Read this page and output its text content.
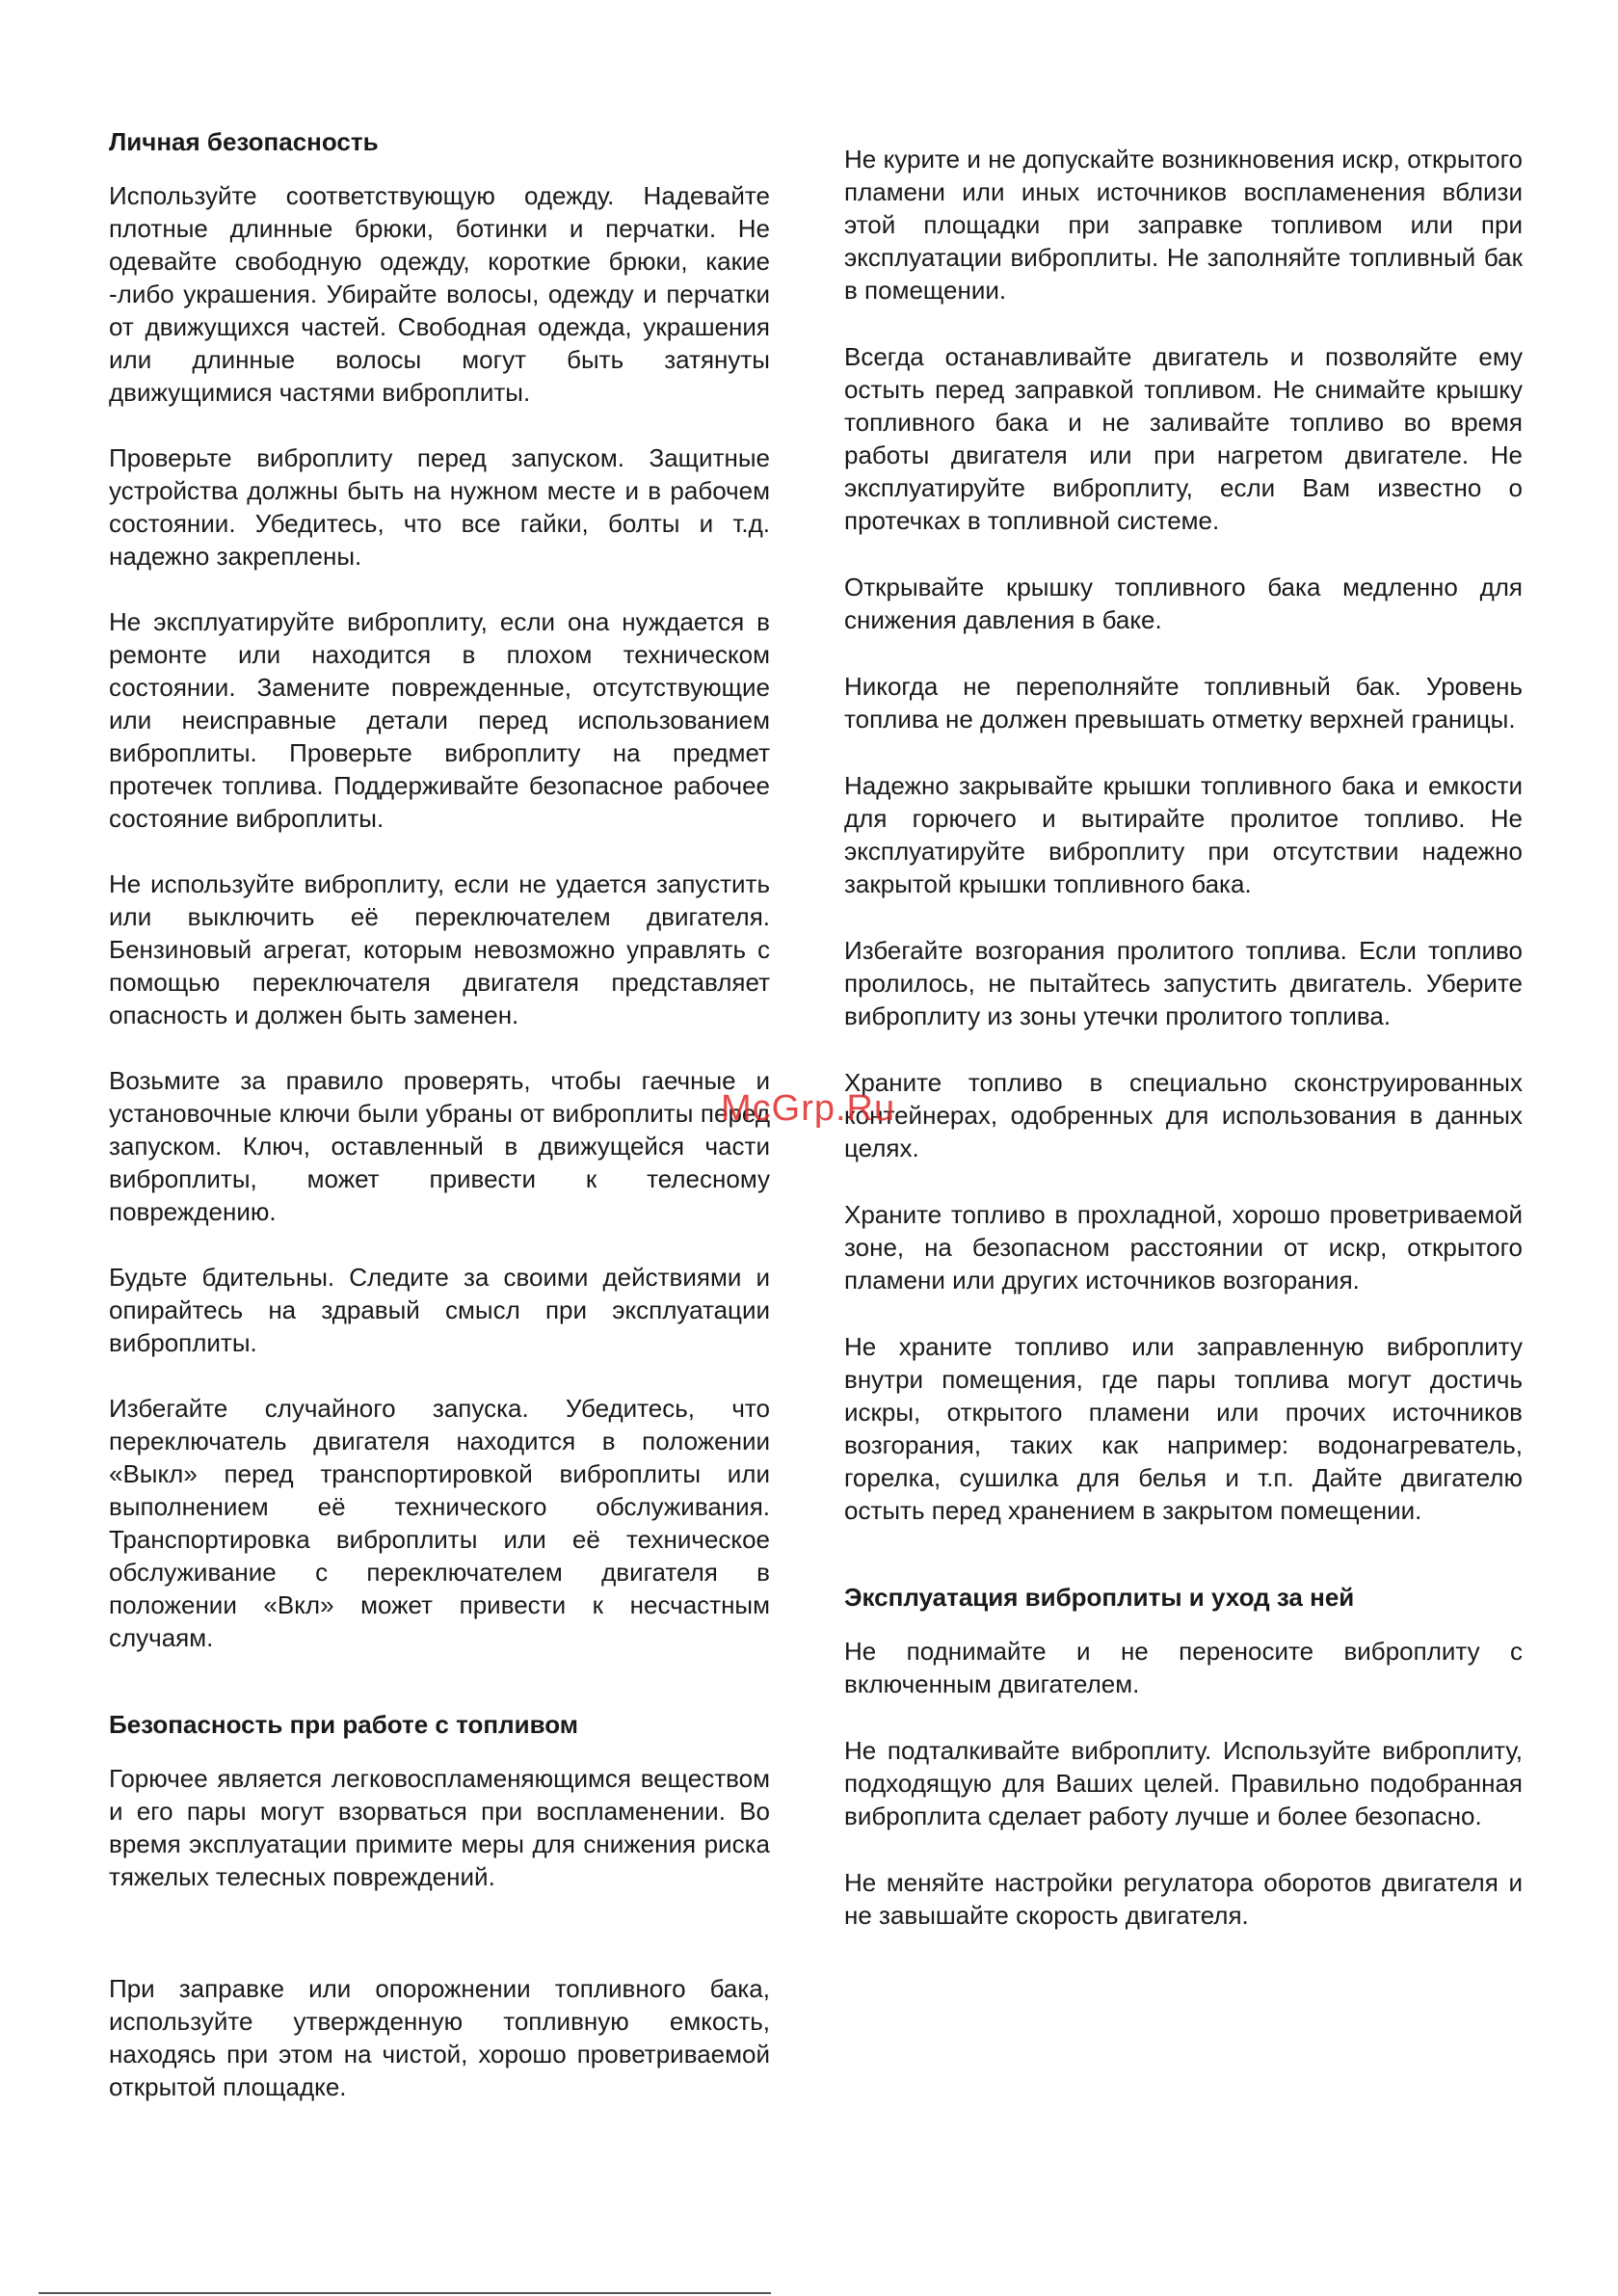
Личная безопасность

Используйте соответствующую одежду. Надевайте плотные длинные брюки, ботинки и перчатки. Не одевайте свободную одежду, короткие брюки, какие -либо украшения. Убирайте волосы, одежду и перчатки от движущихся частей. Свободная одежда, украшения или длинные волосы могут быть затянуты движущимися частями виброплиты.

Проверьте виброплиту перед запуском. Защитные устройства должны быть на нужном месте и в рабочем состоянии. Убедитесь, что все гайки, болты и т.д. надежно закреплены.

Не эксплуатируйте виброплиту, если она нуждается в ремонте или находится в плохом техническом состоянии. Замените поврежденные, отсутствующие или неисправные детали перед использованием виброплиты. Проверьте виброплиту на предмет протечек топлива. Поддерживайте безопасное рабочее состояние виброплиты.

Не используйте виброплиту, если не удается запустить или выключить её переключателем двигателя. Бензиновый агрегат, которым невозможно управлять с помощью переключателя двигателя представляет опасность и должен быть заменен.

Возьмите за правило проверять, чтобы гаечные и установочные ключи были убраны от виброплиты перед запуском. Ключ, оставленный в движущейся части виброплиты, может привести к телесному повреждению.

Будьте бдительны. Следите за своими действиями и опирайтесь на здравый смысл при эксплуатации виброплиты.

Избегайте случайного запуска. Убедитесь, что переключатель двигателя находится в положении «Выкл» перед транспортировкой виброплиты или выполнением её технического обслуживания. Транспортировка виброплиты или её техническое обслуживание с переключателем двигателя в положении «Вкл» может привести к несчастным случаям.

Безопасность при работе с топливом

Горючее является легковоспламеняющимся веществом и его пары могут взорваться при воспламенении. Во время эксплуатации примите меры для снижения риска тяжелых телесных повреждений.

При заправке или опорожнении топливного бака, используйте утвержденную топливную емкость, находясь при этом на чистой, хорошо проветриваемой открытой площадке.

Не курите и не допускайте возникновения искр, открытого пламени или иных источников воспламенения вблизи этой площадки при заправке топливом или при эксплуатации виброплиты. Не заполняйте топливный бак в помещении.

Всегда останавливайте двигатель и позволяйте ему остыть перед заправкой топливом. Не снимайте крышку топливного бака и не заливайте топливо во время работы двигателя или при нагретом двигателе. Не эксплуатируйте виброплиту, если Вам известно о протечках в топливной системе.

Открывайте крышку топливного бака медленно для снижения давления в баке.

Никогда не переполняйте топливный бак. Уровень топлива не должен превышать отметку верхней границы.

Надежно закрывайте крышки топливного бака и емкости для горючего и вытирайте пролитое топливо. Не эксплуатируйте виброплиту при отсутствии надежно закрытой крышки топливного бака.

Избегайте возгорания пролитого топлива. Если топливо пролилось, не пытайтесь запустить двигатель. Уберите виброплиту из зоны утечки пролитого топлива.

Храните топливо в специально сконструированных контейнерах, одобренных для использования в данных целях.

Храните топливо в прохладной, хорошо проветриваемой зоне, на безопасном расстоянии от искр, открытого пламени или других источников возгорания.

Не храните топливо или заправленную виброплиту внутри помещения, где пары топлива могут достичь искры, открытого пламени или прочих источников возгорания, таких как например: водонагреватель, горелка, сушилка для белья и т.п. Дайте двигателю остыть перед хранением в закрытом помещении.

Эксплуатация виброплиты и уход за ней

Не поднимайте и не переносите виброплиту с включенным двигателем.

Не подталкивайте виброплиту. Используйте виброплиту, подходящую для Ваших целей. Правильно подобранная виброплита сделает работу лучше и более безопасно.

Не меняйте настройки регулатора оборотов двигателя и не завышайте скорость двигателя.

McGrp.Ru
